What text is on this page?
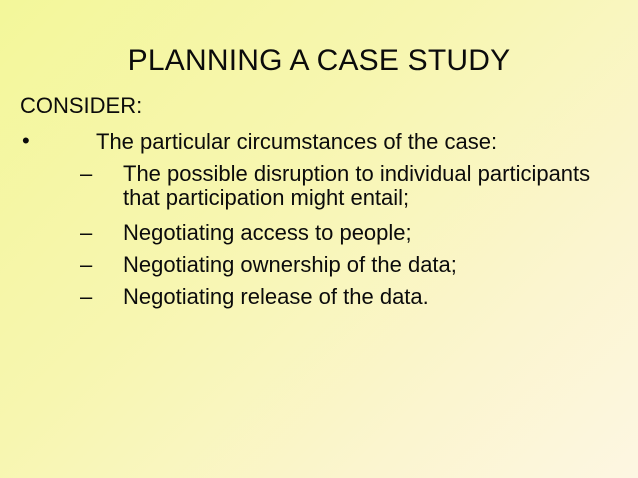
PLANNING A CASE STUDY
CONSIDER:
•	The particular circumstances of the case:
– The possible disruption to individual participants that participation might entail;
– Negotiating access to people;
– Negotiating ownership of the data;
– Negotiating release of the data.
